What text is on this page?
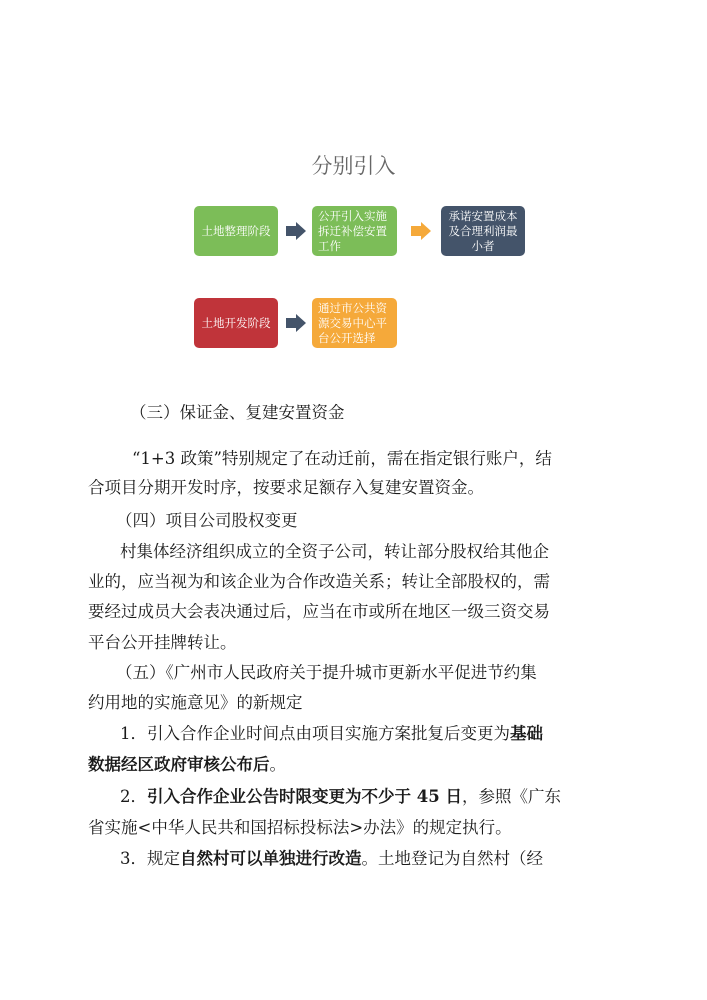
分别引入
土地整理阶段
公开引入实施拆迁补偿安置工作
承诺安置成本及合理利润最小者
土地开发阶段
通过市公共资源交易中心平台公开选择
（三）保证金、复建安置资金
“1+3 政策”特别规定了在动迁前，需在指定银行账户，结
合项目分期开发时序，按要求足额存入复建安置资金。
（四）项目公司股权变更
村集体经济组织成立的全资子公司，转让部分股权给其他企
业的，应当视为和该企业为合作改造关系；转让全部股权的，需
要经过成员大会表决通过后，应当在市或所在地区一级三资交易
平台公开挂牌转让。
（五）《广州市人民政府关于提升城市更新水平促进节约集
约用地的实施意见》的新规定
1．引入合作企业时间点由项目实施方案批复后变更为基础
数据经区政府审核公布后。
2．引入合作企业公告时限变更为不少于 45 日，参照《广东
省实施<中华人民共和国招标投标法>办法》的规定执行。
3．规定自然村可以单独进行改造。土地登记为自然村（经
